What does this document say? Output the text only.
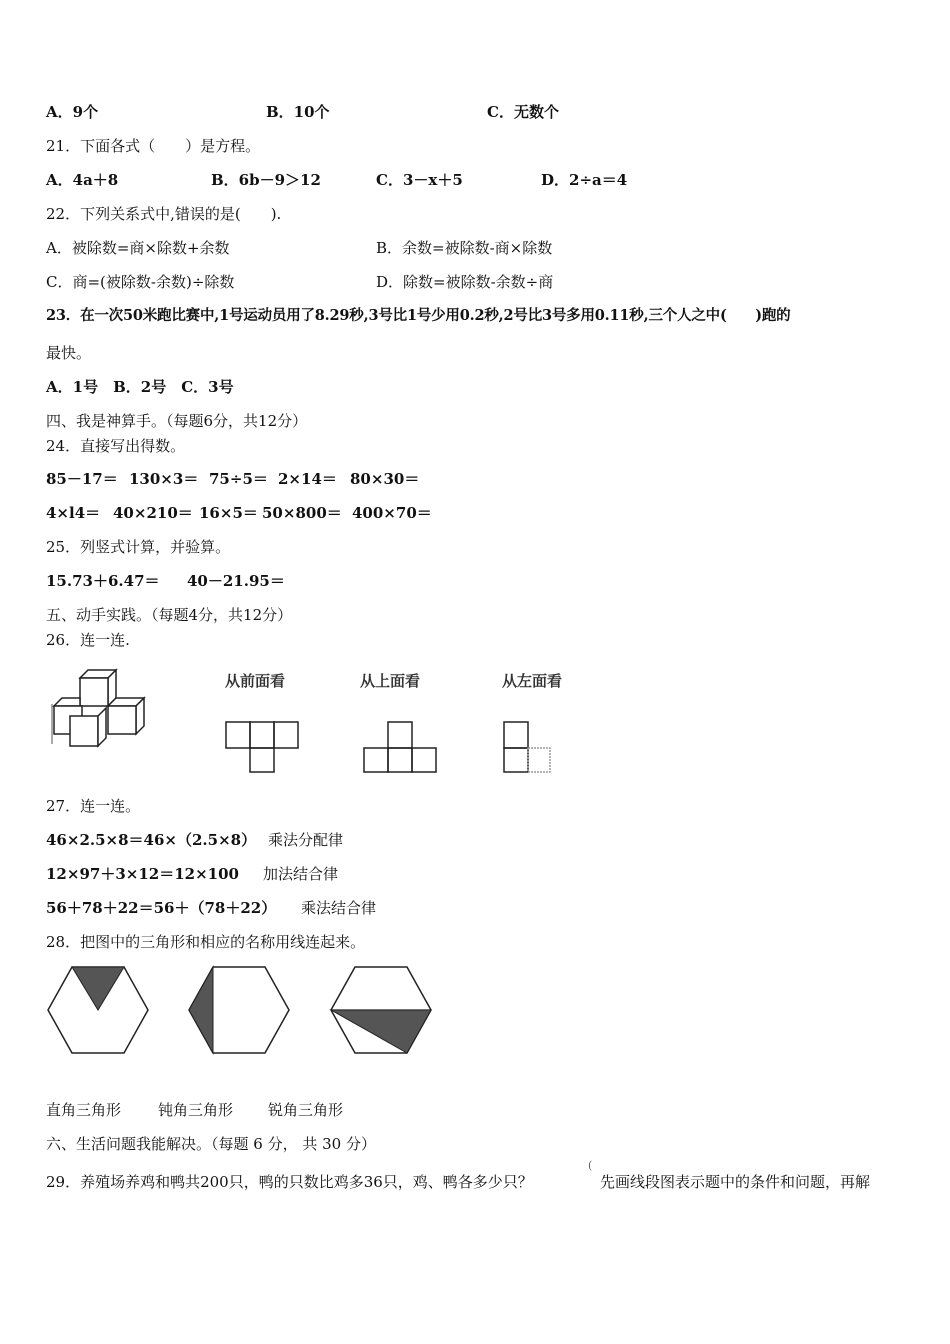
A．9个	B．10个	C．无数个
21．下面各式（　　）是方程。
A．4a＋8	B．6b－9＞12	C．3－x＋5	D．2÷a＝4
22．下列关系式中,错误的是(　　).
A．被除数=商×除数+余数	B．余数=被除数-商×除数
C．商=(被除数-余数)÷除数	D．除数=被除数-余数÷商
23．在一次50米跑比赛中,1号运动员用了8.29秒,3号比1号少用0.2秒,2号比3号多用0.11秒,三个人之中(　　)跑的
最快。
A．1号　B．2号　C．3号
四、我是神算手。（每题6分，共12分）
24．直接写出得数。
85－17＝ 130×3＝ 75÷5＝ 2×14＝ 80×30＝
4×l4＝ 40×210＝ 16×5＝ 50×800＝ 400×70＝
25．列竖式计算，并验算。
15.73＋6.47＝ 40－21.95＝
五、动手实践。（每题4分，共12分）
26．连一连.
从前面看	从上面看	从左面看
27．连一连。
46×2.5×8＝46×（2.5×8） 乘法分配律
12×97＋3×12＝12×100 加法结合律
56＋78＋22＝56＋（78＋22） 乘法结合律
28．把图中的三角形和相应的名称用线连起来。
直角三角形 钝角三角形 锐角三角形
六、生活问题我能解决。（每题 6 分， 共 30 分）
29．养殖场养鸡和鸭共200只，鸭的只数比鸡多36只，鸡、鸭各多少只？
(
先画线段图表示题中的条件和问题，再解
